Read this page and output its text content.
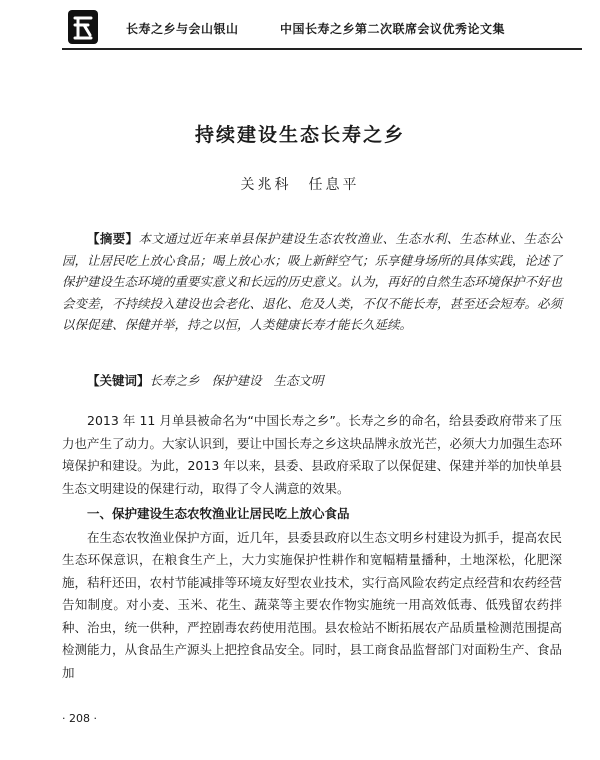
长寿之乡与会山银山	中国长寿之乡第二次联席会议优秀论文集
持续建设生态长寿之乡
关兆科　任息平
【摘要】本文通过近年来单县保护建设生态农牧渔业、生态水利、生态林业、生态公园，让居民吃上放心食品；喝上放心水；吸上新鲜空气；乐享健身场所的具体实践，论述了保护建设生态环境的重要实意义和长远的历史意义。认为，再好的自然生态环境保护不好也会变差，不持续投入建设也会老化、退化、危及人类，不仅不能长寿，甚至还会短寿。必须以保促建、保健并举，持之以恒，人类健康长寿才能长久延续。
【关键词】长寿之乡 保护建设 生态文明

2013 年 11 月单县被命名为“中国长寿之乡”。长寿之乡的命名，给县委政府带来了压力也产生了动力。大家认识到，要让中国长寿之乡这块品牌永放光芒，必须大力加强生态环境保护和建设。为此，2013 年以来，县委、县政府采取了以保促建、保建并举的加快单县生态文明建设的保建行动，取得了令人满意的效果。

一、保护建设生态农牧渔业让居民吃上放心食品

在生态农牧渔业保护方面，近几年，县委县政府以生态文明乡村建设为抓手，提高农民生态环保意识，在粮食生产上，大力实施保护性耕作和宽幅精量播种，土地深松，化肥深施，秸秆还田，农村节能减排等环境友好型农业技术，实行高风险农药定点经营和农药经营告知制度。对小麦、玉米、花生、蔬菜等主要农作物实施统一用高效低毒、低残留农药拌种、治虫，统一供种，严控剧毒农药使用范围。县农检站不断拓展农产品质量检测范围提高检测能力，从食品生产源头上把控食品安全。同时，县工商食品监督部门对面粉生产、食品加

· 208 ·
